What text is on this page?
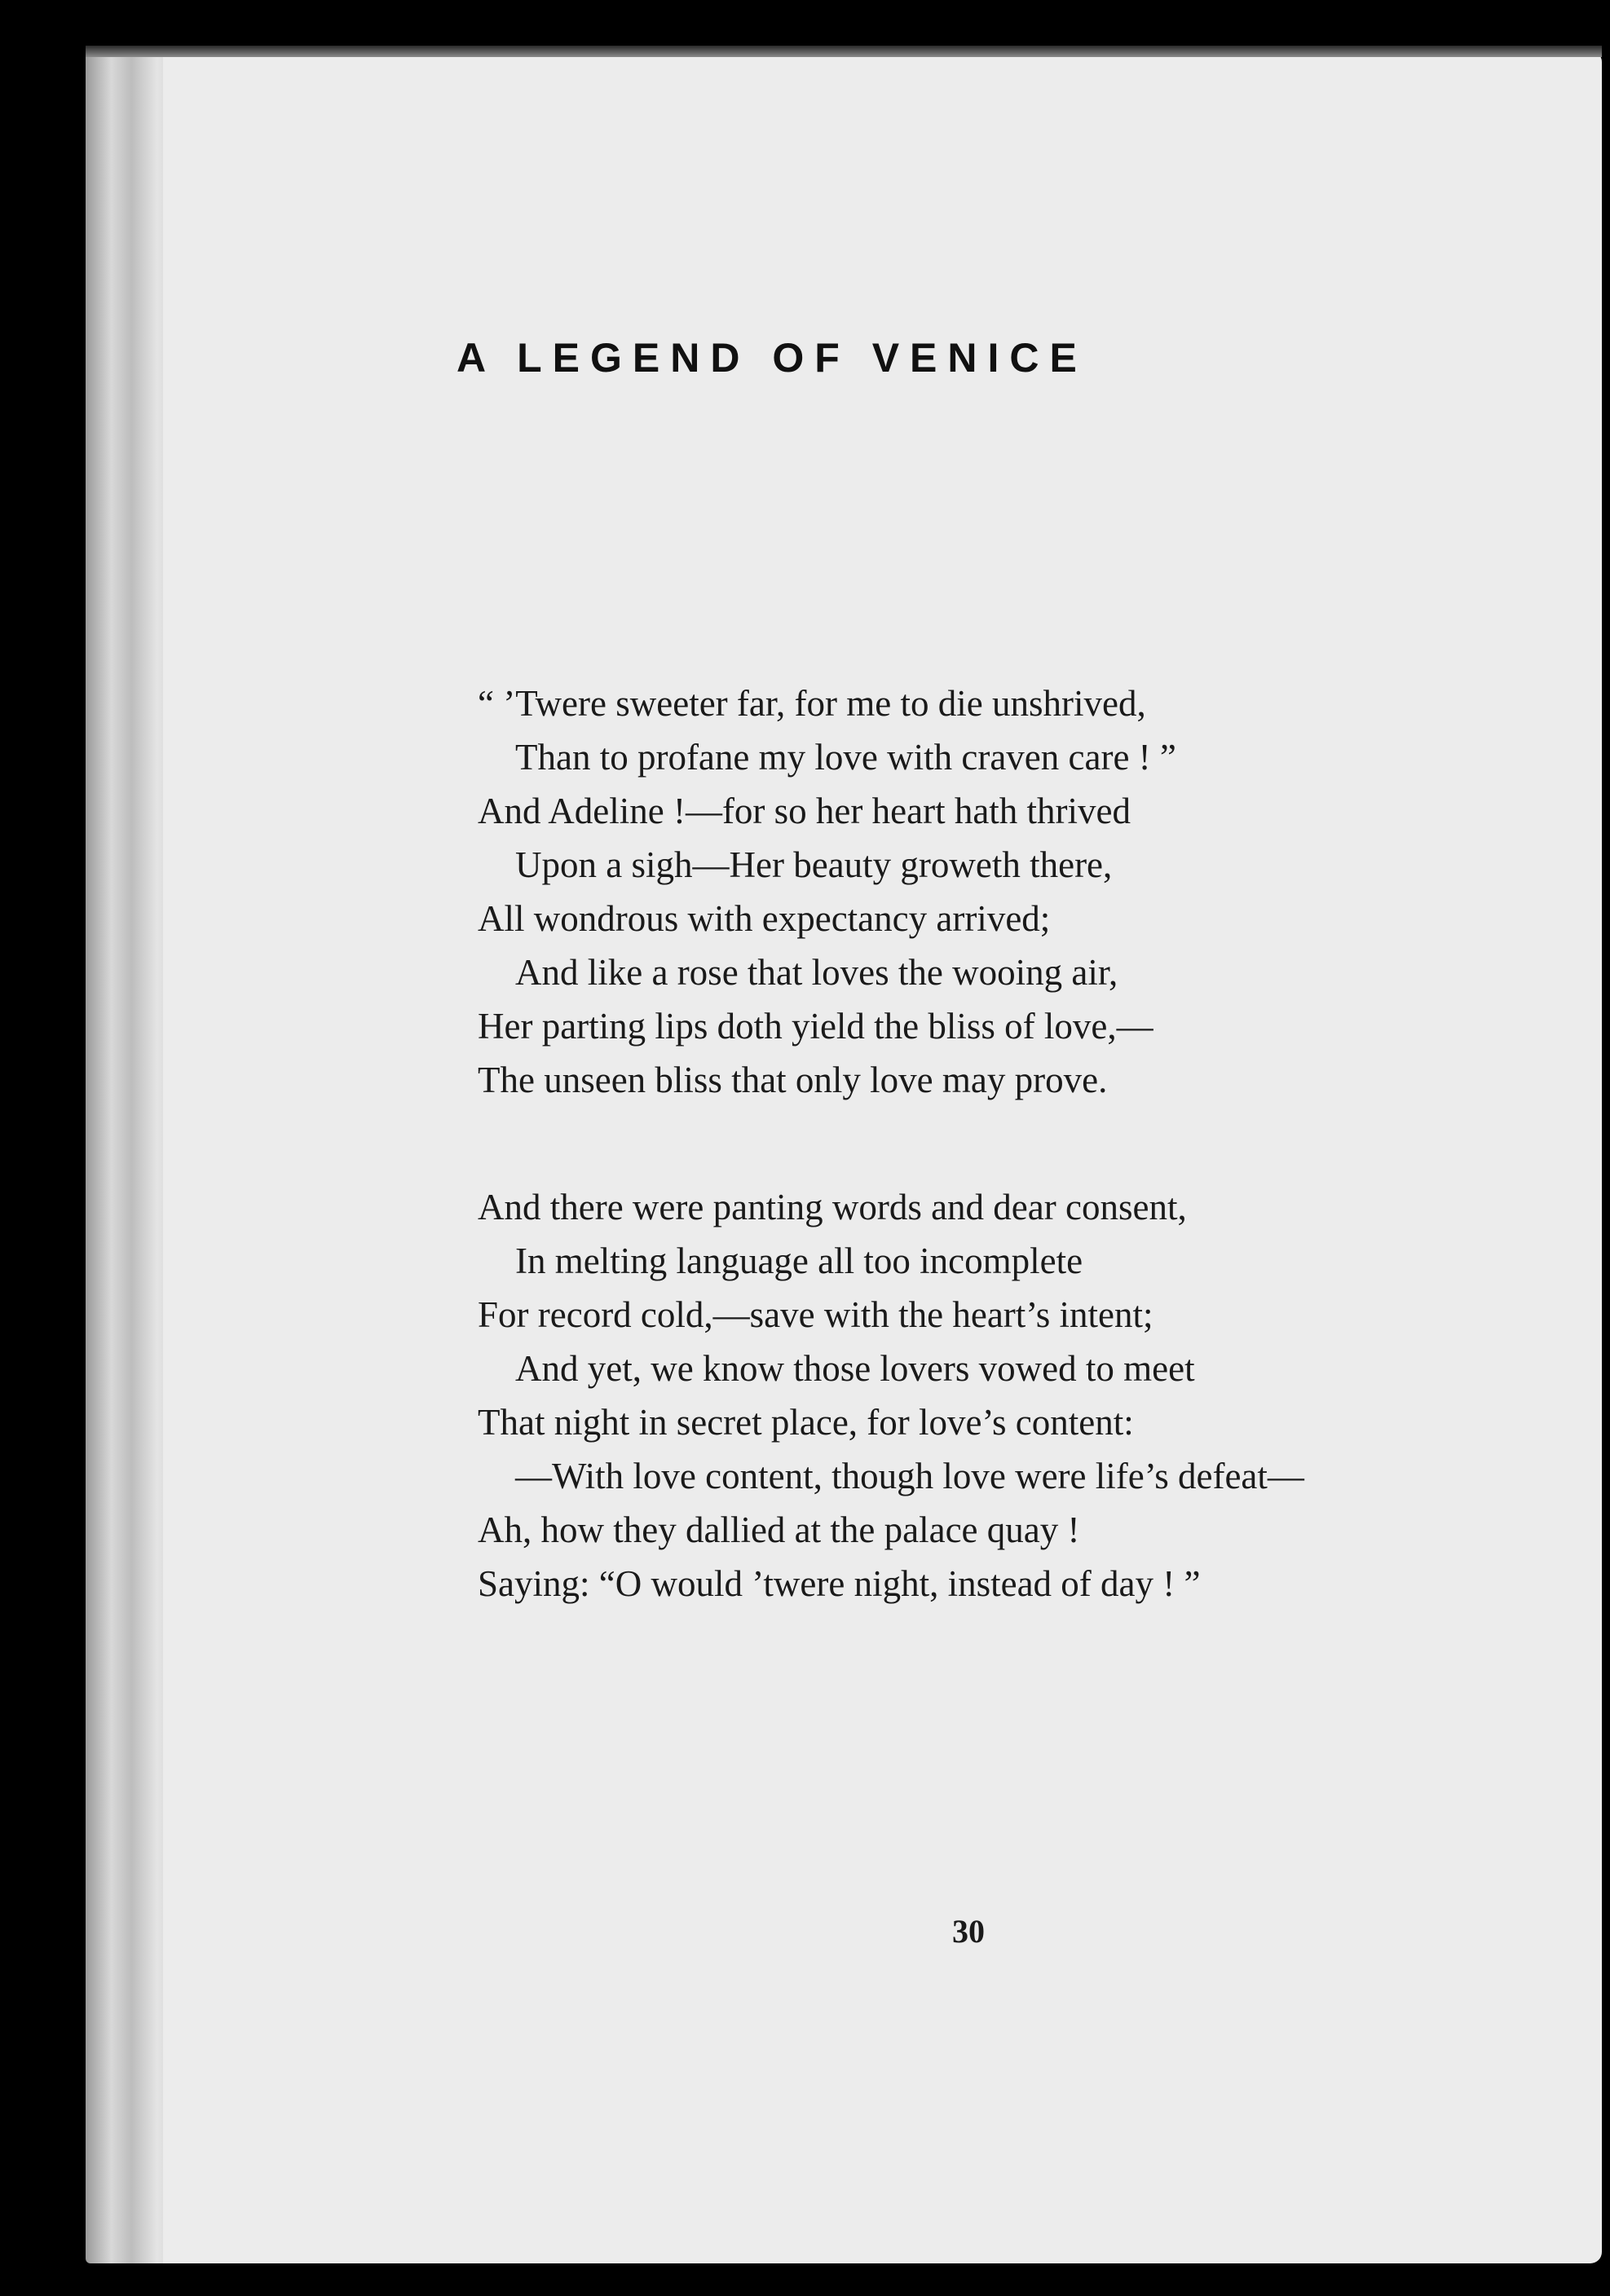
A LEGEND OF VENICE
“ ’Twere sweeter far, for me to die unshrived,
Than to profane my love with craven care ! ”
And Adeline !—for so her heart hath thrived
Upon a sigh—Her beauty groweth there,
All wondrous with expectancy arrived;
And like a rose that loves the wooing air,
Her parting lips doth yield the bliss of love,—
The unseen bliss that only love may prove.
And there were panting words and dear consent,
In melting language all too incomplete
For record cold,—save with the heart’s intent;
And yet, we know those lovers vowed to meet
That night in secret place, for love’s content:
—With love content, though love were life’s defeat—
Ah, how they dallied at the palace quay !
Saying: “O would ’twere night, instead of day ! ”
30
